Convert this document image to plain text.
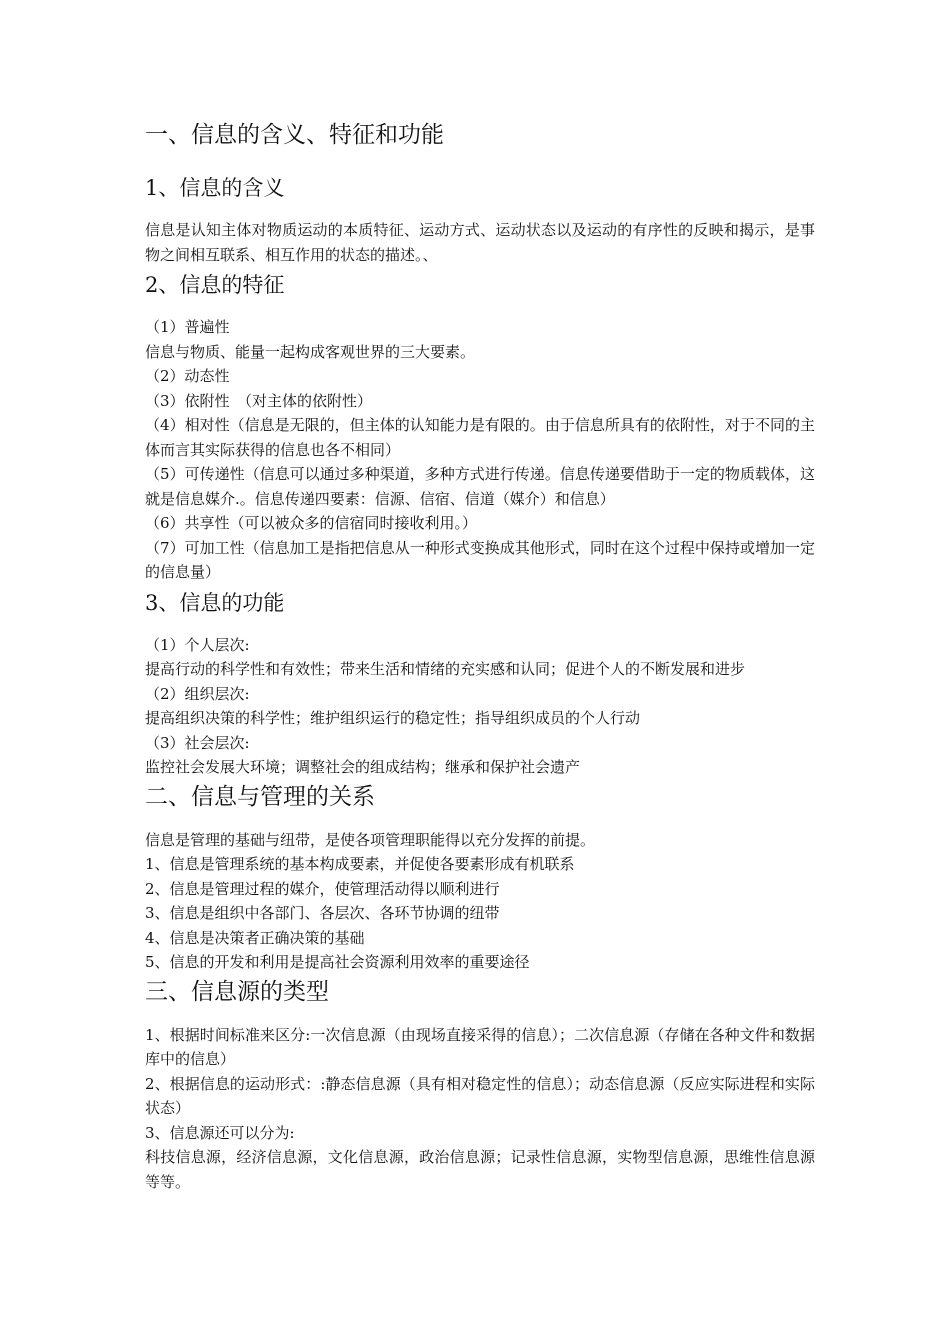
一、信息的含义、特征和功能
1、信息的含义
信息是认知主体对物质运动的本质特征、运动方式、运动状态以及运动的有序性的反映和揭示，是事物之间相互联系、相互作用的状态的描述。、
2、信息的特征
（1）普遍性
信息与物质、能量一起构成客观世界的三大要素。
（2）动态性
（3）依附性　（对主体的依附性）
（4）相对性（信息是无限的，但主体的认知能力是有限的。由于信息所具有的依附性，对于不同的主体而言其实际获得的信息也各不相同）
（5）可传递性（信息可以通过多种渠道，多种方式进行传递。信息传递要借助于一定的物质载体，这就是信息媒介.。信息传递四要素：信源、信宿、信道（媒介）和信息）
（6）共享性（可以被众多的信宿同时接收利用。）
（7）可加工性（信息加工是指把信息从一种形式变换成其他形式，同时在这个过程中保持或增加一定的信息量）
3、信息的功能
（1）个人层次:
提高行动的科学性和有效性；带来生活和情绪的充实感和认同；促进个人的不断发展和进步
（2）组织层次:
提高组织决策的科学性；维护组织运行的稳定性；指导组织成员的个人行动
（3）社会层次:
监控社会发展大环境；调整社会的组成结构；继承和保护社会遗产
二、信息与管理的关系
信息是管理的基础与纽带，是使各项管理职能得以充分发挥的前提。
1、信息是管理系统的基本构成要素，并促使各要素形成有机联系
2、信息是管理过程的媒介，使管理活动得以顺利进行
3、信息是组织中各部门、各层次、各环节协调的纽带
4、信息是决策者正确决策的基础
5、信息的开发和利用是提高社会资源利用效率的重要途径
三、信息源的类型
1、根据时间标准来区分:一次信息源（由现场直接采得的信息）；二次信息源（存储在各种文件和数据库中的信息）
2、根据信息的运动形式：:静态信息源（具有相对稳定性的信息）；动态信息源（反应实际进程和实际状态）
3、信息源还可以分为:
科技信息源，经济信息源，文化信息源，政治信息源；记录性信息源，实物型信息源，思维性信息源等等。
